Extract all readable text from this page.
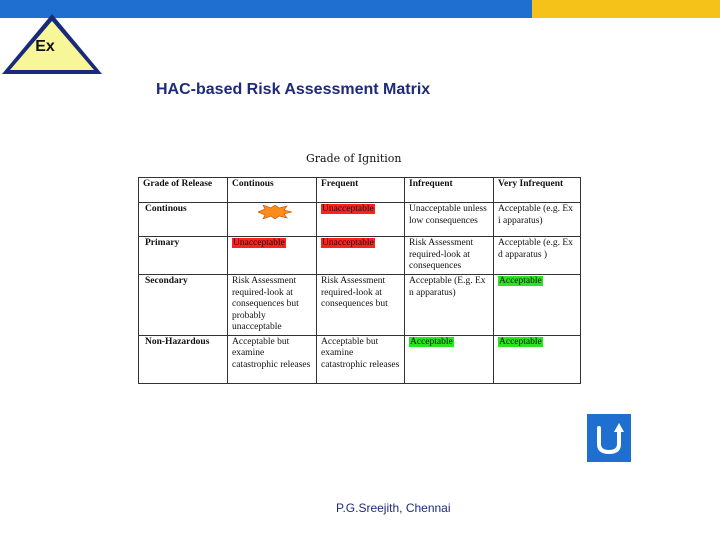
Ex
HAC-based Risk Assessment Matrix
Grade of Ignition
Grade of Release	Continous	Frequent	Infrequent	Very Infrequent
Continous		Unacceptable	Unacceptable unless low consequences	Acceptable (e.g. Ex i apparatus)
Primary	Unacceptable	Unacceptable	Risk Assessment required-look at consequences	Acceptable (e.g. Ex d apparatus )
Secondary	Risk Assessment required-look at consequences but probably unacceptable	Risk Assessment required-look at consequences but	Acceptable (E.g. Ex n apparatus)	Acceptable
Non-Hazardous	Acceptable but examine catastrophic releases	Acceptable but examine catastrophic releases	Acceptable	Acceptable
P.G.Sreejith, Chennai
